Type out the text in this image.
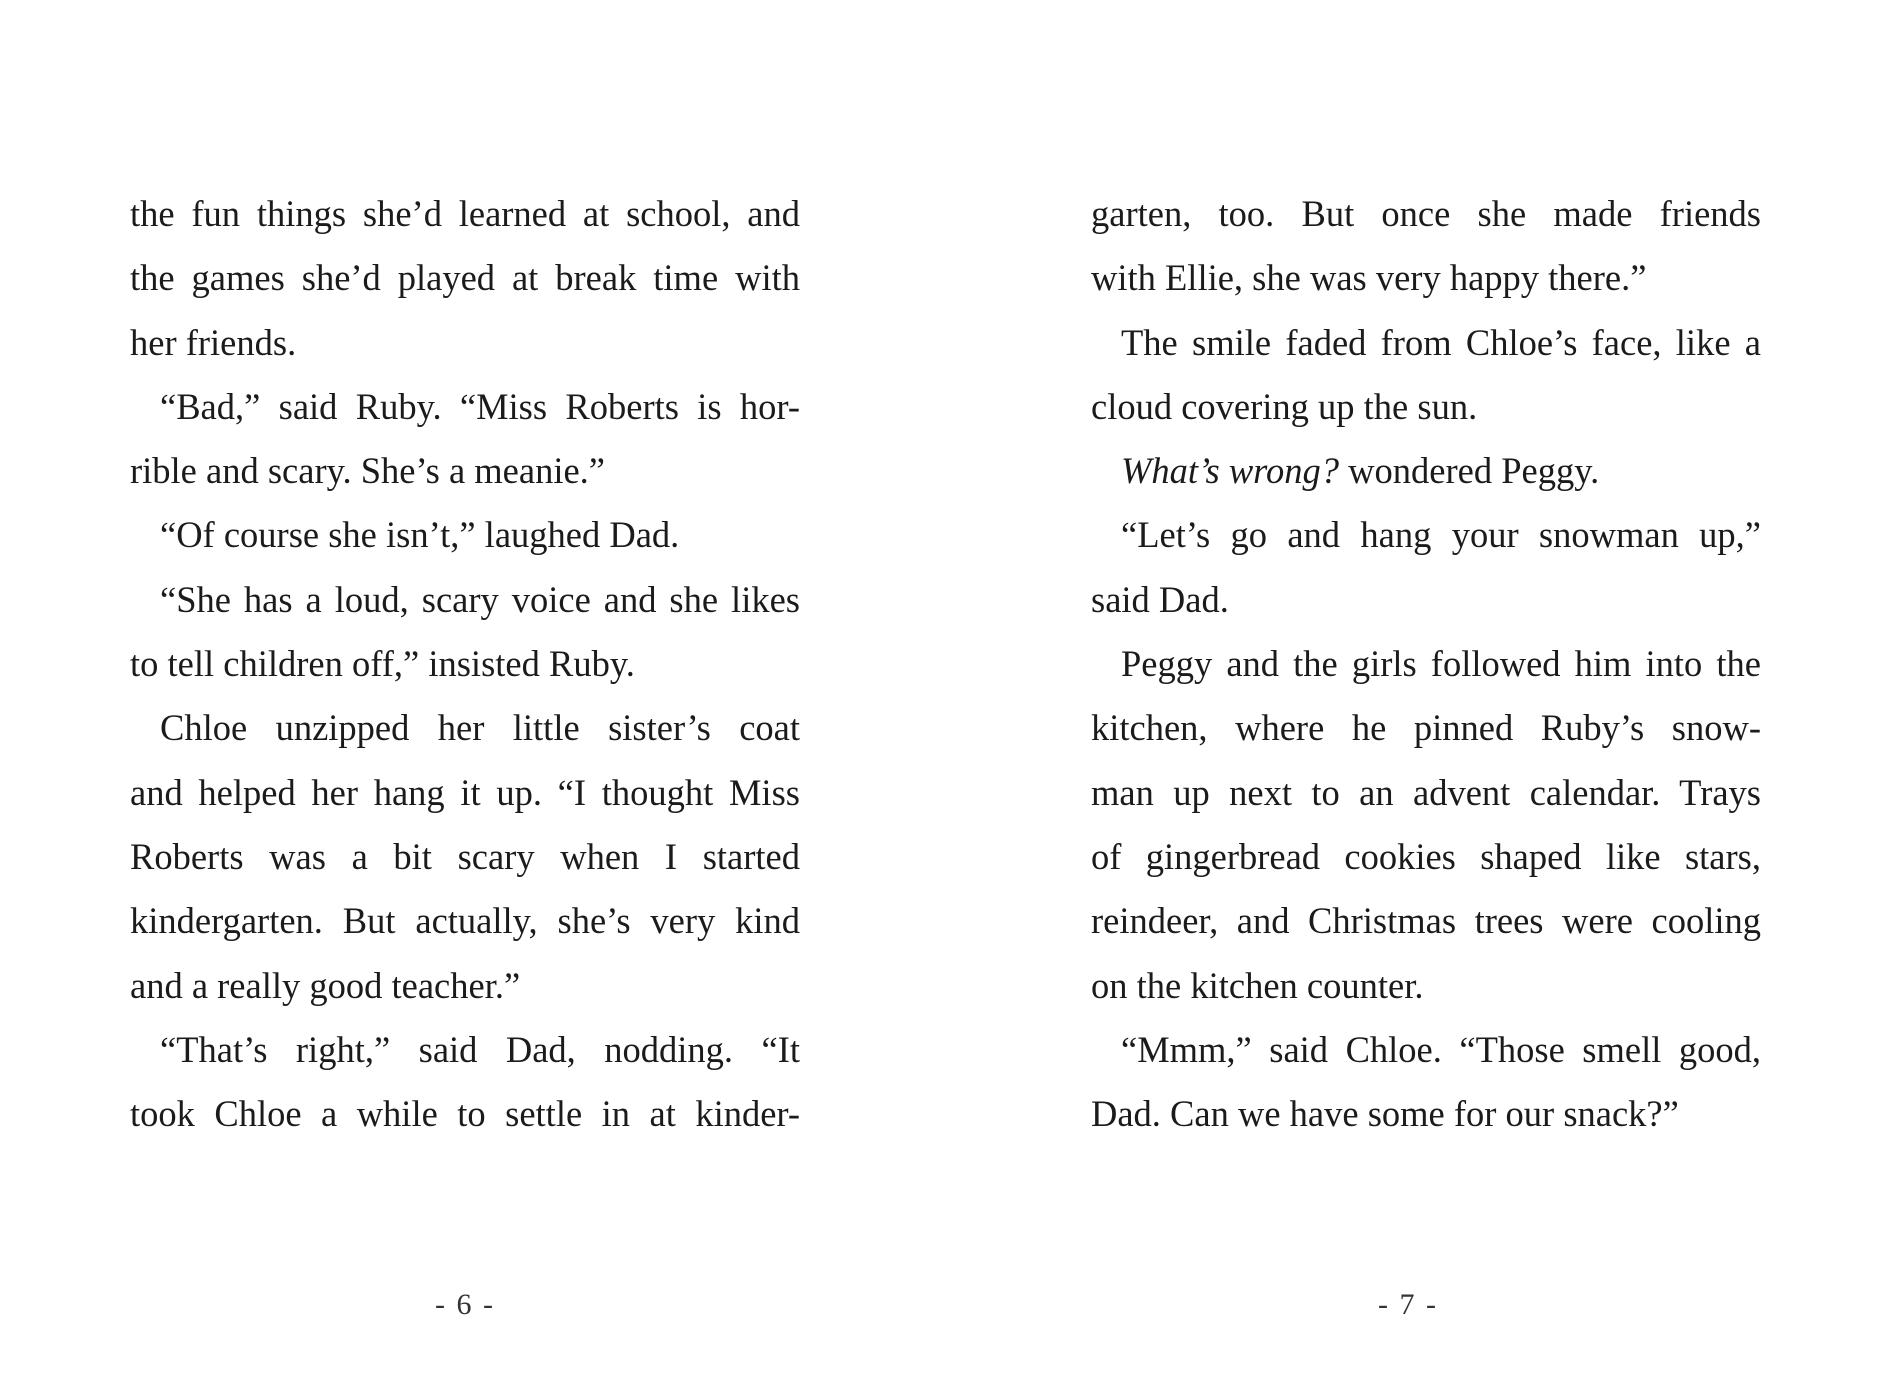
the fun things she’d learned at school, and
the games she’d played at break time with
her friends.
“Bad,” said Ruby. “Miss Roberts is hor-
rible and scary. She’s a meanie.”
“Of course she isn’t,” laughed Dad.
“She has a loud, scary voice and she likes
to tell children off,” insisted Ruby.
Chloe unzipped her little sister’s coat
and helped her hang it up. “I thought Miss
Roberts was a bit scary when I started
kindergarten. But actually, she’s very kind
and a really good teacher.”
“That’s right,” said Dad, nodding. “It
took Chloe a while to settle in at kinder-
- 6 -
garten, too. But once she made friends
with Ellie, she was very happy there.”
The smile faded from Chloe’s face, like a
cloud covering up the sun.
What’s wrong? wondered Peggy.
“Let’s go and hang your snowman up,”
said Dad.
Peggy and the girls followed him into the
kitchen, where he pinned Ruby’s snow-
man up next to an advent calendar. Trays
of gingerbread cookies shaped like stars,
reindeer, and Christmas trees were cooling
on the kitchen counter.
“Mmm,” said Chloe. “Those smell good,
Dad. Can we have some for our snack?”
- 7 -
